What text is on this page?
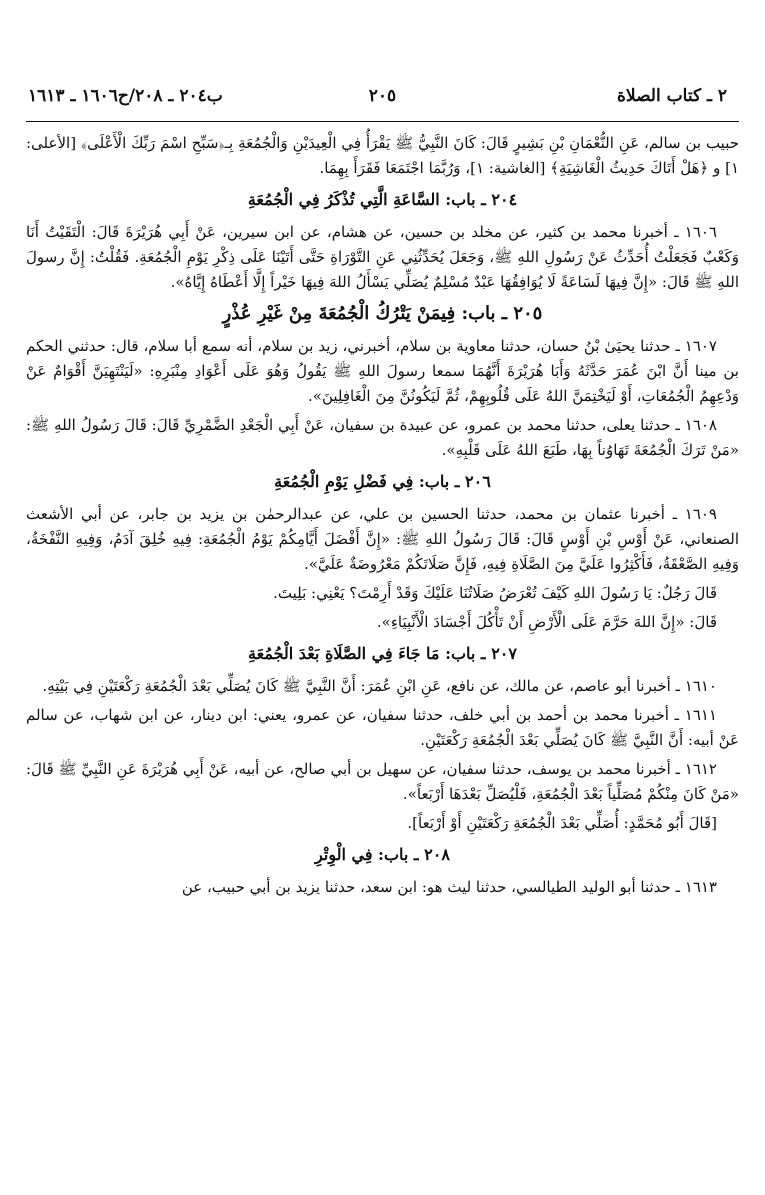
٢ ـ كتاب الصلاة
٢٠٥
ب٢٠٤ ـ ٢٠٨/ح١٦٠٦ ـ ١٦١٣

حبيب بن سالم، عَنِ النُّعْمَانِ بْنِ بَشِيرٍ قَالَ: كَانَ النَّبِيُّ ﷺ يَقْرَأُ فِي الْعِيدَيْنِ وَالْجُمُعَةِ بِـ﴿سَبِّحِ اسْمَ رَبِّكَ الْأَعْلَى﴾ [الأعلى: ١] و ﴿هَلْ أَتَاكَ حَدِيثُ الْغَاشِيَةِ﴾ [الغاشية: ١]، وَرُبَّمَا اجْتَمَعَا فَقَرَأَ بِهِمَا.

٢٠٤ ـ باب: السَّاعَةِ الَّتِي تُذْكَرُ فِي الْجُمُعَةِ

١٦٠٦ ـ أخبرنا محمد بن كثير، عن مخلد بن حسين، عن هشام، عن ابن سيرين، عَنْ أَبِي هُرَيْرَةَ قَالَ: الْتَقَيْتُ أَنَا وَكَعْبٌ فَجَعَلْتُ أُحَدِّثُ عَنْ رَسُولِ اللهِ ﷺ، وَجَعَلَ يُحَدِّثُنِي عَنِ التَّوْرَاةِ حَتَّى أَتَيْنَا عَلَى ذِكْرِ يَوْمِ الْجُمُعَةِ. فَقُلْتُ: إِنَّ رسولَ اللهِ ﷺ قَالَ: «إِنَّ فِيهَا لَسَاعَةً لَا يُوَافِقُهَا عَبْدٌ مُسْلِمٌ يُصَلِّي يَسْأَلُ اللهَ فِيهَا خَيْراً إِلَّا أَعْطَاهُ إِيَّاهُ».

٢٠٥ ـ باب: فِيمَنْ يَتْرُكُ الْجُمُعَةَ مِنْ غَيْرِ عُذْرٍ

١٦٠٧ ـ حدثنا يحيَىٰ بْنُ حسان، حدثنا معاوية بن سلام، أخبرني، زيد بن سلام، أنه سمع أبا سلام، قال: حدثني الحكم بن مينا أَنَّ ابْنَ عُمَرَ حَدَّثَهُ وَأَبَا هُرَيْرَةَ أَنَّهُمَا سمعا رسولَ اللهِ ﷺ يَقُولُ وَهُوَ عَلَى أَعْوَادِ مِنْبَرِهِ: «لَيَنْتَهِيَنَّ أَقْوَامٌ عَنْ وَدْعِهِمُ الْجُمُعَاتِ، أَوْ لَيَخْتِمَنَّ اللهُ عَلَى قُلُوبِهِمْ، ثُمَّ لَيَكُونُنَّ مِنَ الْغَافِلِينَ».

١٦٠٨ ـ حدثنا يعلى، حدثنا محمد بن عمرو، عن عبيدة بن سفيان، عَنْ أَبِي الْجَعْدِ الضَّمْرِيِّ قَالَ: قَالَ رَسُولُ اللهِ ﷺ: «مَنْ تَرَكَ الْجُمُعَةَ تَهَاوُناً بِهَا، طَبَعَ اللهُ عَلَى قَلْبِهِ».

٢٠٦ ـ باب: فِي فَضْلِ يَوْمِ الْجُمُعَةِ

١٦٠٩ ـ أخبرنا عثمان بن محمد، حدثنا الحسين بن علي، عن عبدالرحمٰن بن يزيد بن جابر، عن أبي الأشعث الصنعاني، عَنْ أَوْسِ بْنِ أَوْسٍ قَالَ: قَالَ رَسُولُ اللهِ ﷺ: «إِنَّ أَفْضَلَ أَيَّامِكُمْ يَوْمُ الْجُمُعَةِ: فِيهِ خُلِقَ آدَمُ، وَفِيهِ النَّفْخَةُ، وَفِيهِ الصَّعْقَةُ، فَأَكْثِرُوا عَلَيَّ مِنَ الصَّلَاةِ فِيهِ، فَإِنَّ صَلَاتَكُمْ مَعْرُوضَةٌ عَلَيَّ».

قَالَ رَجُلٌ: يَا رَسُولَ اللهِ كَيْفَ تُعْرَضُ صَلَاتُنَا عَلَيْكَ وَقَدْ أَرِمْتَ؟ يَعْنِي: بَلِيتَ.

قَالَ: «إِنَّ اللهَ حَرَّمَ عَلَى الْأَرْضِ أَنْ تَأْكُلَ أَجْسَادَ الْأَنْبِيَاءِ».

٢٠٧ ـ باب: مَا جَاءَ فِي الصَّلَاةِ بَعْدَ الْجُمُعَةِ

١٦١٠ ـ أخبرنا أبو عاصم، عن مالك، عن نافع، عَنِ ابْنِ عُمَرَ: أَنَّ النَّبِيَّ ﷺ كَانَ يُصَلِّي بَعْدَ الْجُمُعَةِ رَكْعَتَيْنِ فِي بَيْتِهِ.

١٦١١ ـ أخبرنا محمد بن أحمد بن أبي خلف، حدثنا سفيان، عن عمرو، يعني: ابن دينار، عن ابن شهاب، عن سالم عَنْ أبيه: أَنَّ النَّبِيَّ ﷺ كَانَ يُصَلِّي بَعْدَ الْجُمُعَةِ رَكْعَتَيْنِ.

١٦١٢ ـ أخبرنا محمد بن يوسف، حدثنا سفيان، عن سهيل بن أبي صالح، عن أبيه، عَنْ أَبِي هُرَيْرَةَ عَنِ النَّبِيِّ ﷺ قَالَ: «مَنْ كَانَ مِنْكُمْ مُصَلِّياً بَعْدَ الْجُمُعَةِ، فَلْيُصَلِّ بَعْدَهَا أَرْبَعاً».

[قَالَ أَبُو مُحَمَّدٍ: أُصَلِّي بَعْدَ الْجُمُعَةِ رَكْعَتَيْنِ أَوْ أَرْبَعاً].

٢٠٨ ـ باب: فِي الْوِتْرِ

١٦١٣ ـ حدثنا أبو الوليد الطيالسي، حدثنا ليث هو: ابن سعد، حدثنا يزيد بن أبي حبيب، عن
